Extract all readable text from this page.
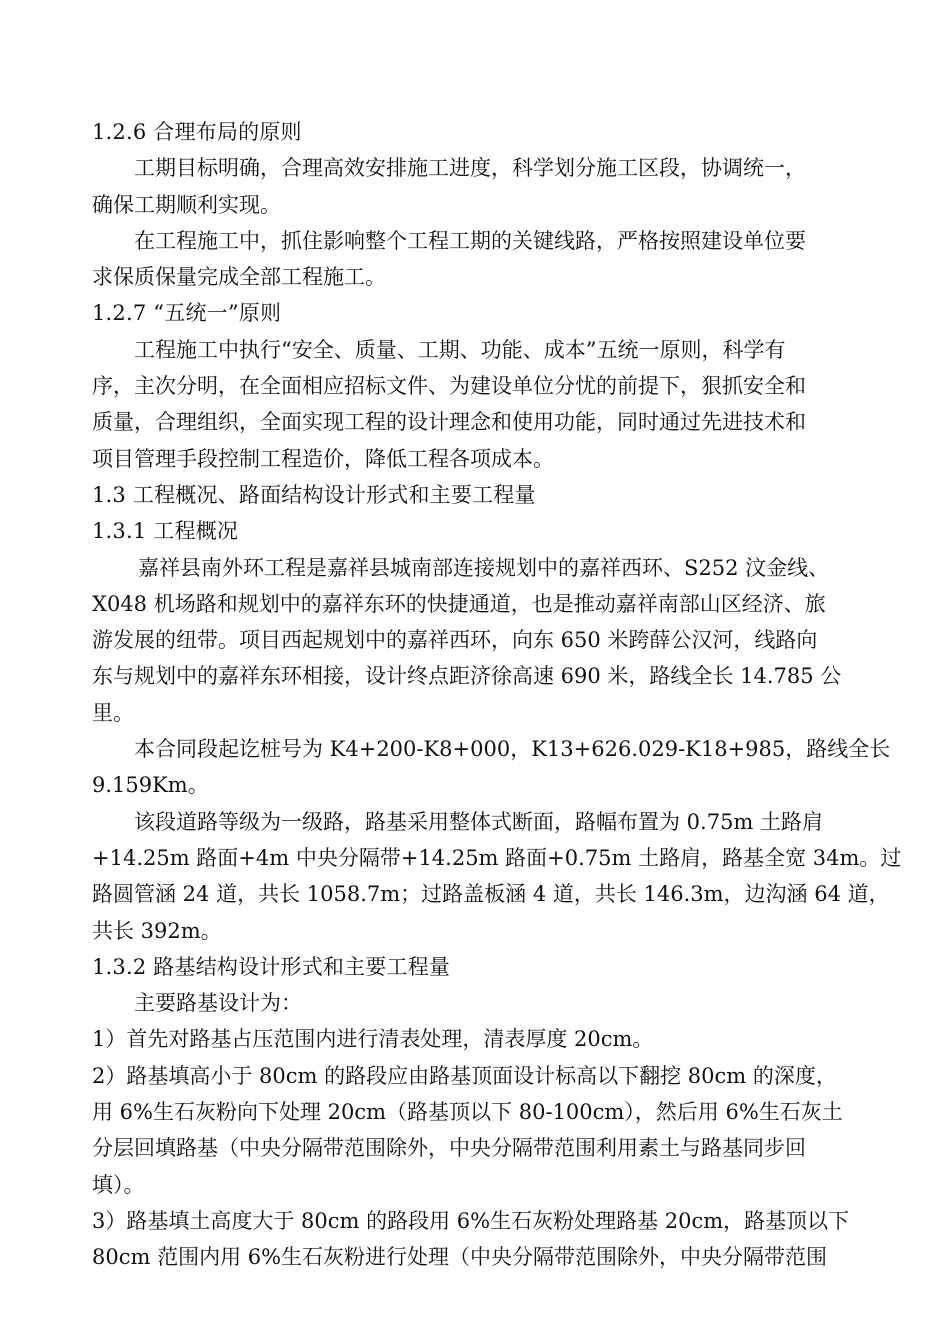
1.2.6 合理布局的原则

工期目标明确，合理高效安排施工进度，科学划分施工区段，协调统一，

确保工期顺利实现。

在工程施工中，抓住影响整个工程工期的关键线路，严格按照建设单位要

求保质保量完成全部工程施工。

1.2.7 “五统一”原则

工程施工中执行“安全、质量、工期、功能、成本”五统一原则，科学有

序，主次分明，在全面相应招标文件、为建设单位分忧的前提下，狠抓安全和

质量，合理组织，全面实现工程的设计理念和使用功能，同时通过先进技术和

项目管理手段控制工程造价，降低工程各项成本。

1.3 工程概况、路面结构设计形式和主要工程量

1.3.1 工程概况

嘉祥县南外环工程是嘉祥县城南部连接规划中的嘉祥西环、S252 汶金线、

X048 机场路和规划中的嘉祥东环的快捷通道，也是推动嘉祥南部山区经济、旅

游发展的纽带。项目西起规划中的嘉祥西环，向东 650 米跨薛公汉河，线路向

东与规划中的嘉祥东环相接，设计终点距济徐高速 690 米，路线全长 14.785 公

里。

本合同段起讫桩号为 K4+200-K8+000，K13+626.029-K18+985，路线全长

9.159Km。

该段道路等级为一级路，路基采用整体式断面，路幅布置为 0.75m 土路肩

+14.25m 路面+4m 中央分隔带+14.25m 路面+0.75m 土路肩，路基全宽 34m。过

路圆管涵 24 道，共长 1058.7m；过路盖板涵 4 道，共长 146.3m，边沟涵 64 道，

共长 392m。

1.3.2 路基结构设计形式和主要工程量

主要路基设计为：

1）首先对路基占压范围内进行清表处理，清表厚度 20cm。

2）路基填高小于 80cm 的路段应由路基顶面设计标高以下翻挖 80cm 的深度，

用 6%生石灰粉向下处理 20cm（路基顶以下 80-100cm），然后用 6%生石灰土

分层回填路基（中央分隔带范围除外，中央分隔带范围利用素土与路基同步回

填）。

3）路基填土高度大于 80cm 的路段用 6%生石灰粉处理路基 20cm，路基顶以下

80cm 范围内用 6%生石灰粉进行处理（中央分隔带范围除外，中央分隔带范围
